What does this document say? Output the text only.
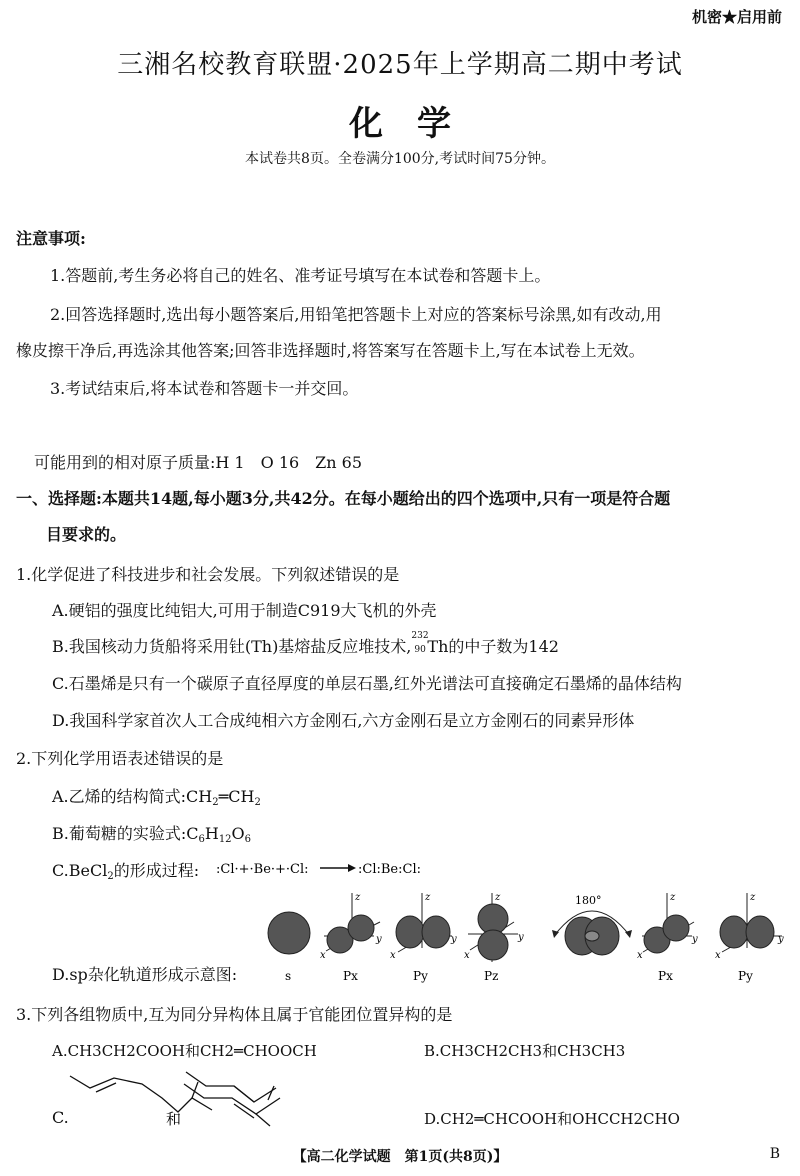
机密★启用前
三湘名校教育联盟·2025年上学期高二期中考试
化　学
本试卷共8页。全卷满分100分,考试时间75分钟。
注意事项:
1.答题前,考生务必将自己的姓名、准考证号填写在本试卷和答题卡上。
2.回答选择题时,选出每小题答案后,用铅笔把答题卡上对应的答案标号涂黑,如有改动,用
橡皮擦干净后,再选涂其他答案;回答非选择题时,将答案写在答题卡上,写在本试卷上无效。
3.考试结束后,将本试卷和答题卡一并交回。
可能用到的相对原子质量:H 1　O 16　Zn 65
一、选择题:本题共14题,每小题3分,共42分。在每小题给出的四个选项中,只有一项是符合题
目要求的。
1.化学促进了科技进步和社会发展。下列叙述错误的是
A.硬铝的强度比纯铝大,可用于制造C919大飞机的外壳
B.我国核动力货船将采用钍(Th)基熔盐反应堆技术,
232
90 Th的中子数为142
C.石墨烯是只有一个碳原子直径厚度的单层石墨,红外光谱法可直接确定石墨烯的晶体结构
D.我国科学家首次人工合成纯相六方金刚石,六方金刚石是立方金刚石的同素异形体
2.下列化学用语表述错误的是
A.乙烯的结构简式$:CH_2═CH_2$
B.葡萄糖的实验式$:C_6H_{12}O_6$
C.BeCl$_2$的形成过程: :Cl·+·Be·+·Cl:	:Cl:Be:Cl:
D.sp杂化轨道形成示意图:	s
z
y
x
Px
z
y
x
Py
z
y
x
Pz
180°	z
y
x
Px
z
y
x
Py
3.下列各组物质中,互为同分异构体且属于官能团位置异构的是
A.CH3CH2COOH和CH2═CHOOCH	B.CH3CH2CH3和CH3CH3
C.	和	D.CH2═CHCOOH和OHCCH2CHO
【高二化学试题　第1页(共8页)】	B
